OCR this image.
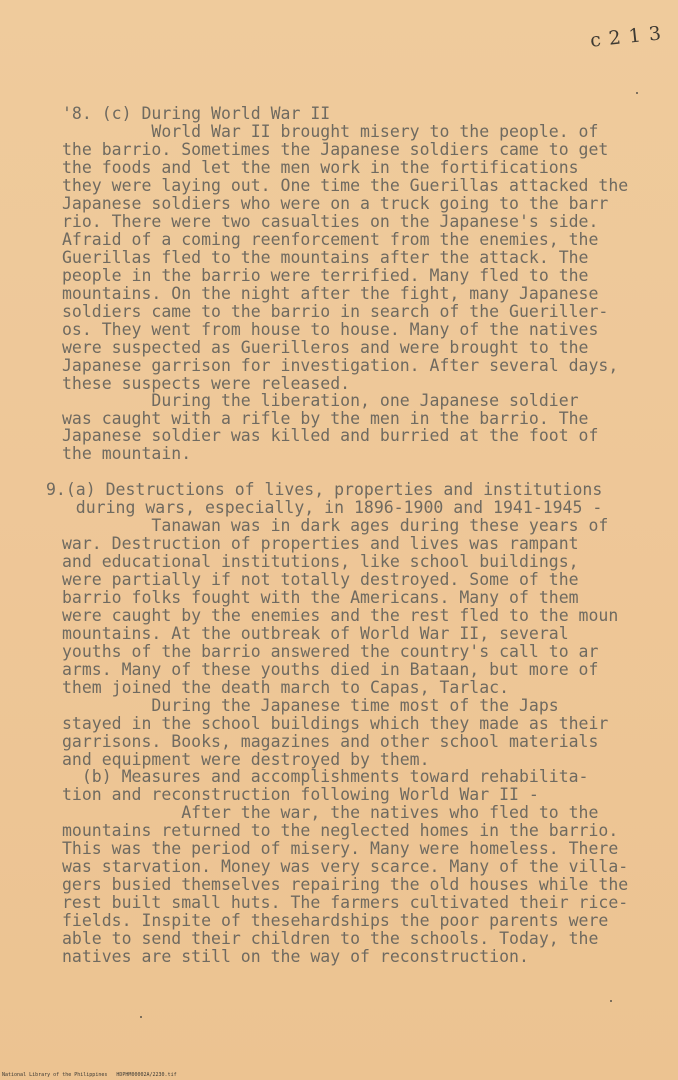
c 2 1 3
'8. (c) During World War II
World War II brought misery to the people. of
the barrio. Sometimes the Japanese soldiers came to get
the foods and let the men work in the fortifications
they were laying out. One time the Guerillas attacked the
Japanese soldiers who were on a truck going to the barr
rio. There were two casualties on the Japanese's side.
Afraid of a coming reenforcement from the enemies, the
Guerillas fled to the mountains after the attack. The
people in the barrio were terrified. Many fled to the
mountains. On the night after the fight, many Japanese
soldiers came to the barrio in search of the Gueriller-
os. They went from house to house. Many of the natives
were suspected as Guerilleros and were brought to the
Japanese garrison for investigation. After several days,
these suspects were released.
During the liberation, one Japanese soldier
was caught with a rifle by the men in the barrio. The
Japanese soldier was killed and burried at the foot of
the mountain.
9.(a) Destructions of lives, properties and institutions
during wars, especially, in 1896-1900 and 1941-1945 -
Tanawan was in dark ages during these years of
war. Destruction of properties and lives was rampant
and educational institutions, like school buildings,
were partially if not totally destroyed. Some of the
barrio folks fought with the Americans. Many of them
were caught by the enemies and the rest fled to the moun
mountains. At the outbreak of World War II, several
youths of the barrio answered the country's call to ar
arms. Many of these youths died in Bataan, but more of
them joined the death march to Capas, Tarlac.
During the Japanese time most of the Japs
stayed in the school buildings which they made as their
garrisons. Books, magazines and other school materials
and equipment were destroyed by them.
(b) Measures and accomplishments toward rehabilita-
tion and reconstruction following World War II -
After the war, the natives who fled to the
mountains returned to the neglected homes in the barrio.
This was the period of misery. Many were homeless. There
was starvation. Money was very scarce. Many of the villa-
gers busied themselves repairing the old houses while the
rest built small huts. The farmers cultivated their rice-
fields. Inspite of thesehardships the poor parents were
able to send their children to the schools. Today, the
natives are still on the way of reconstruction.
National Library of the Philippines   HDPHM00002A/2230.tif
